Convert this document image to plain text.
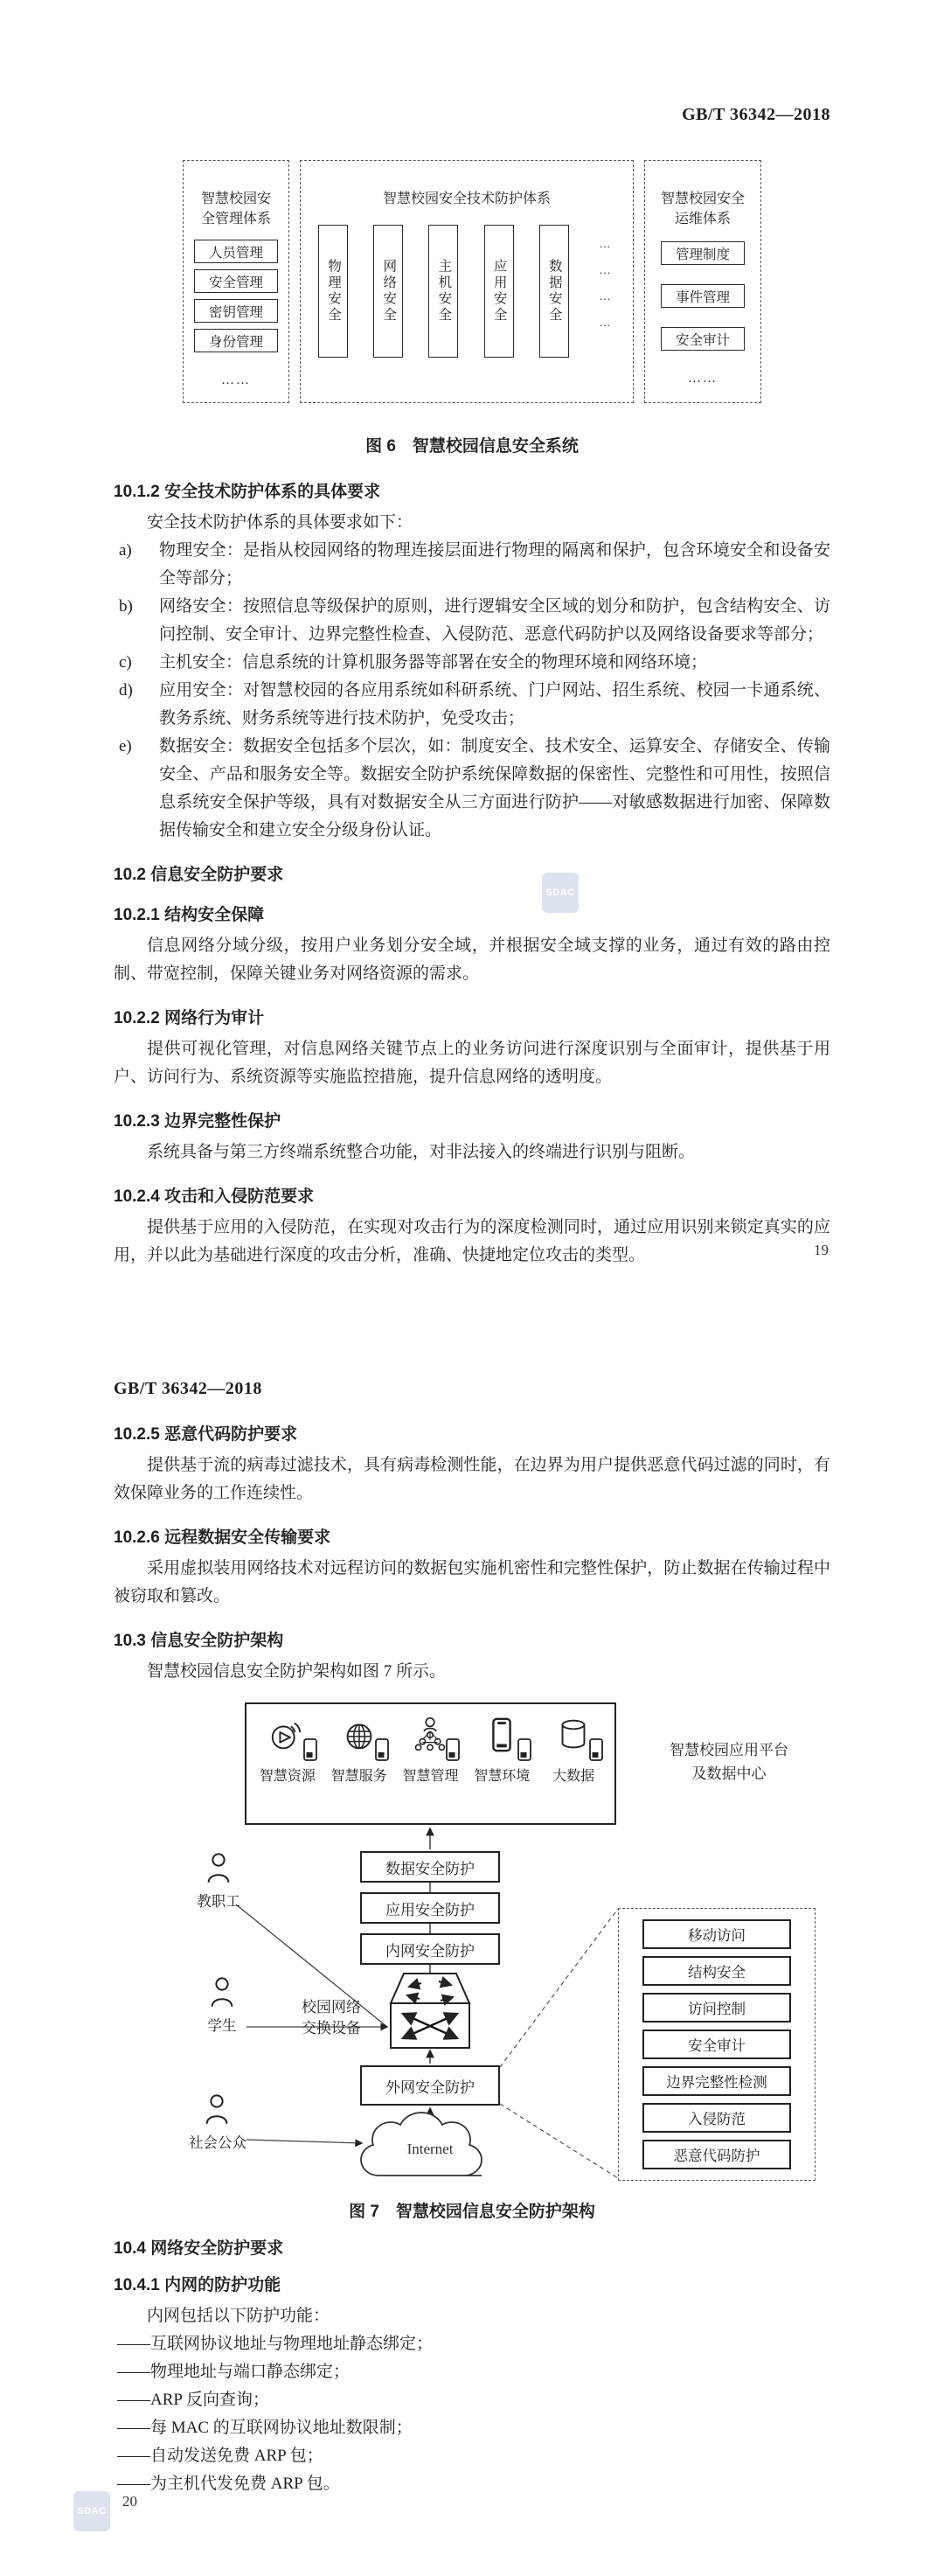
GB/T 36342—2018
智慧校园安全管理体系
人员管理
安全管理
密钥管理
身份管理
……
智慧校园安全技术防护体系
物理安全	网络安全	主机安全	应用安全	数据安全
…
…
…
…
智慧校园安全运维体系
管理制度
事件管理
安全审计
……
图 6　智慧校园信息安全系统
10.1.2 安全技术防护体系的具体要求

安全技术防护体系的具体要求如下：

a)	物理安全：是指从校园网络的物理连接层面进行物理的隔离和保护，包含环境安全和设备安全等部分；
b)	网络安全：按照信息等级保护的原则，进行逻辑安全区域的划分和防护，包含结构安全、访问控制、安全审计、边界完整性检查、入侵防范、恶意代码防护以及网络设备要求等部分；
c)	主机安全：信息系统的计算机服务器等部署在安全的物理环境和网络环境；
d)	应用安全：对智慧校园的各应用系统如科研系统、门户网站、招生系统、校园一卡通系统、教务系统、财务系统等进行技术防护，免受攻击；
e)	数据安全：数据安全包括多个层次，如：制度安全、技术安全、运算安全、存储安全、传输安全、产品和服务安全等。数据安全防护系统保障数据的保密性、完整性和可用性，按照信息系统安全保护等级，具有对数据安全从三方面进行防护——对敏感数据进行加密、保障数据传输安全和建立安全分级身份认证。
10.2 信息安全防护要求
10.2.1 结构安全保障

信息网络分域分级，按用户业务划分安全域，并根据安全域支撑的业务，通过有效的路由控制、带宽控制，保障关键业务对网络资源的需求。

10.2.2 网络行为审计

提供可视化管理，对信息网络关键节点上的业务访问进行深度识别与全面审计，提供基于用户、访问行为、系统资源等实施监控措施，提升信息网络的透明度。

10.2.3 边界完整性保护

系统具备与第三方终端系统整合功能，对非法接入的终端进行识别与阻断。

10.2.4 攻击和入侵防范要求

提供基于应用的入侵防范，在实现对攻击行为的深度检测同时，通过应用识别来锁定真实的应用，并以此为基础进行深度的攻击分析，准确、快捷地定位攻击的类型。

SDAC
19
GB/T 36342—2018
10.2.5 恶意代码防护要求

提供基于流的病毒过滤技术，具有病毒检测性能，在边界为用户提供恶意代码过滤的同时，有效保障业务的工作连续性。

10.2.6 远程数据安全传输要求

采用虚拟装用网络技术对远程访问的数据包实施机密性和完整性保护，防止数据在传输过程中被窃取和篡改。

10.3 信息安全防护架构

智慧校园信息安全防护架构如图 7 所示。

Internet
智慧资源	智慧服务	智慧管理	智慧环境	大数据
智慧校园应用平台
及数据中心
数据安全防护
应用安全防护
内网安全防护
校园网络
交换设备
外网安全防护
移动访问
结构安全
访问控制
安全审计
边界完整性检测
入侵防范
恶意代码防护
教职工
学生
社会公众
图 7　智慧校园信息安全防护架构
10.4 网络安全防护要求
10.4.1 内网的防护功能

内网包括以下防护功能：

——互联网协议地址与物理地址静态绑定；
——物理地址与端口静态绑定；
——ARP 反向查询；
——每 MAC 的互联网协议地址数限制；
——自动发送免费 ARP 包；
——为主机代发免费 ARP 包。
SDAC
20
